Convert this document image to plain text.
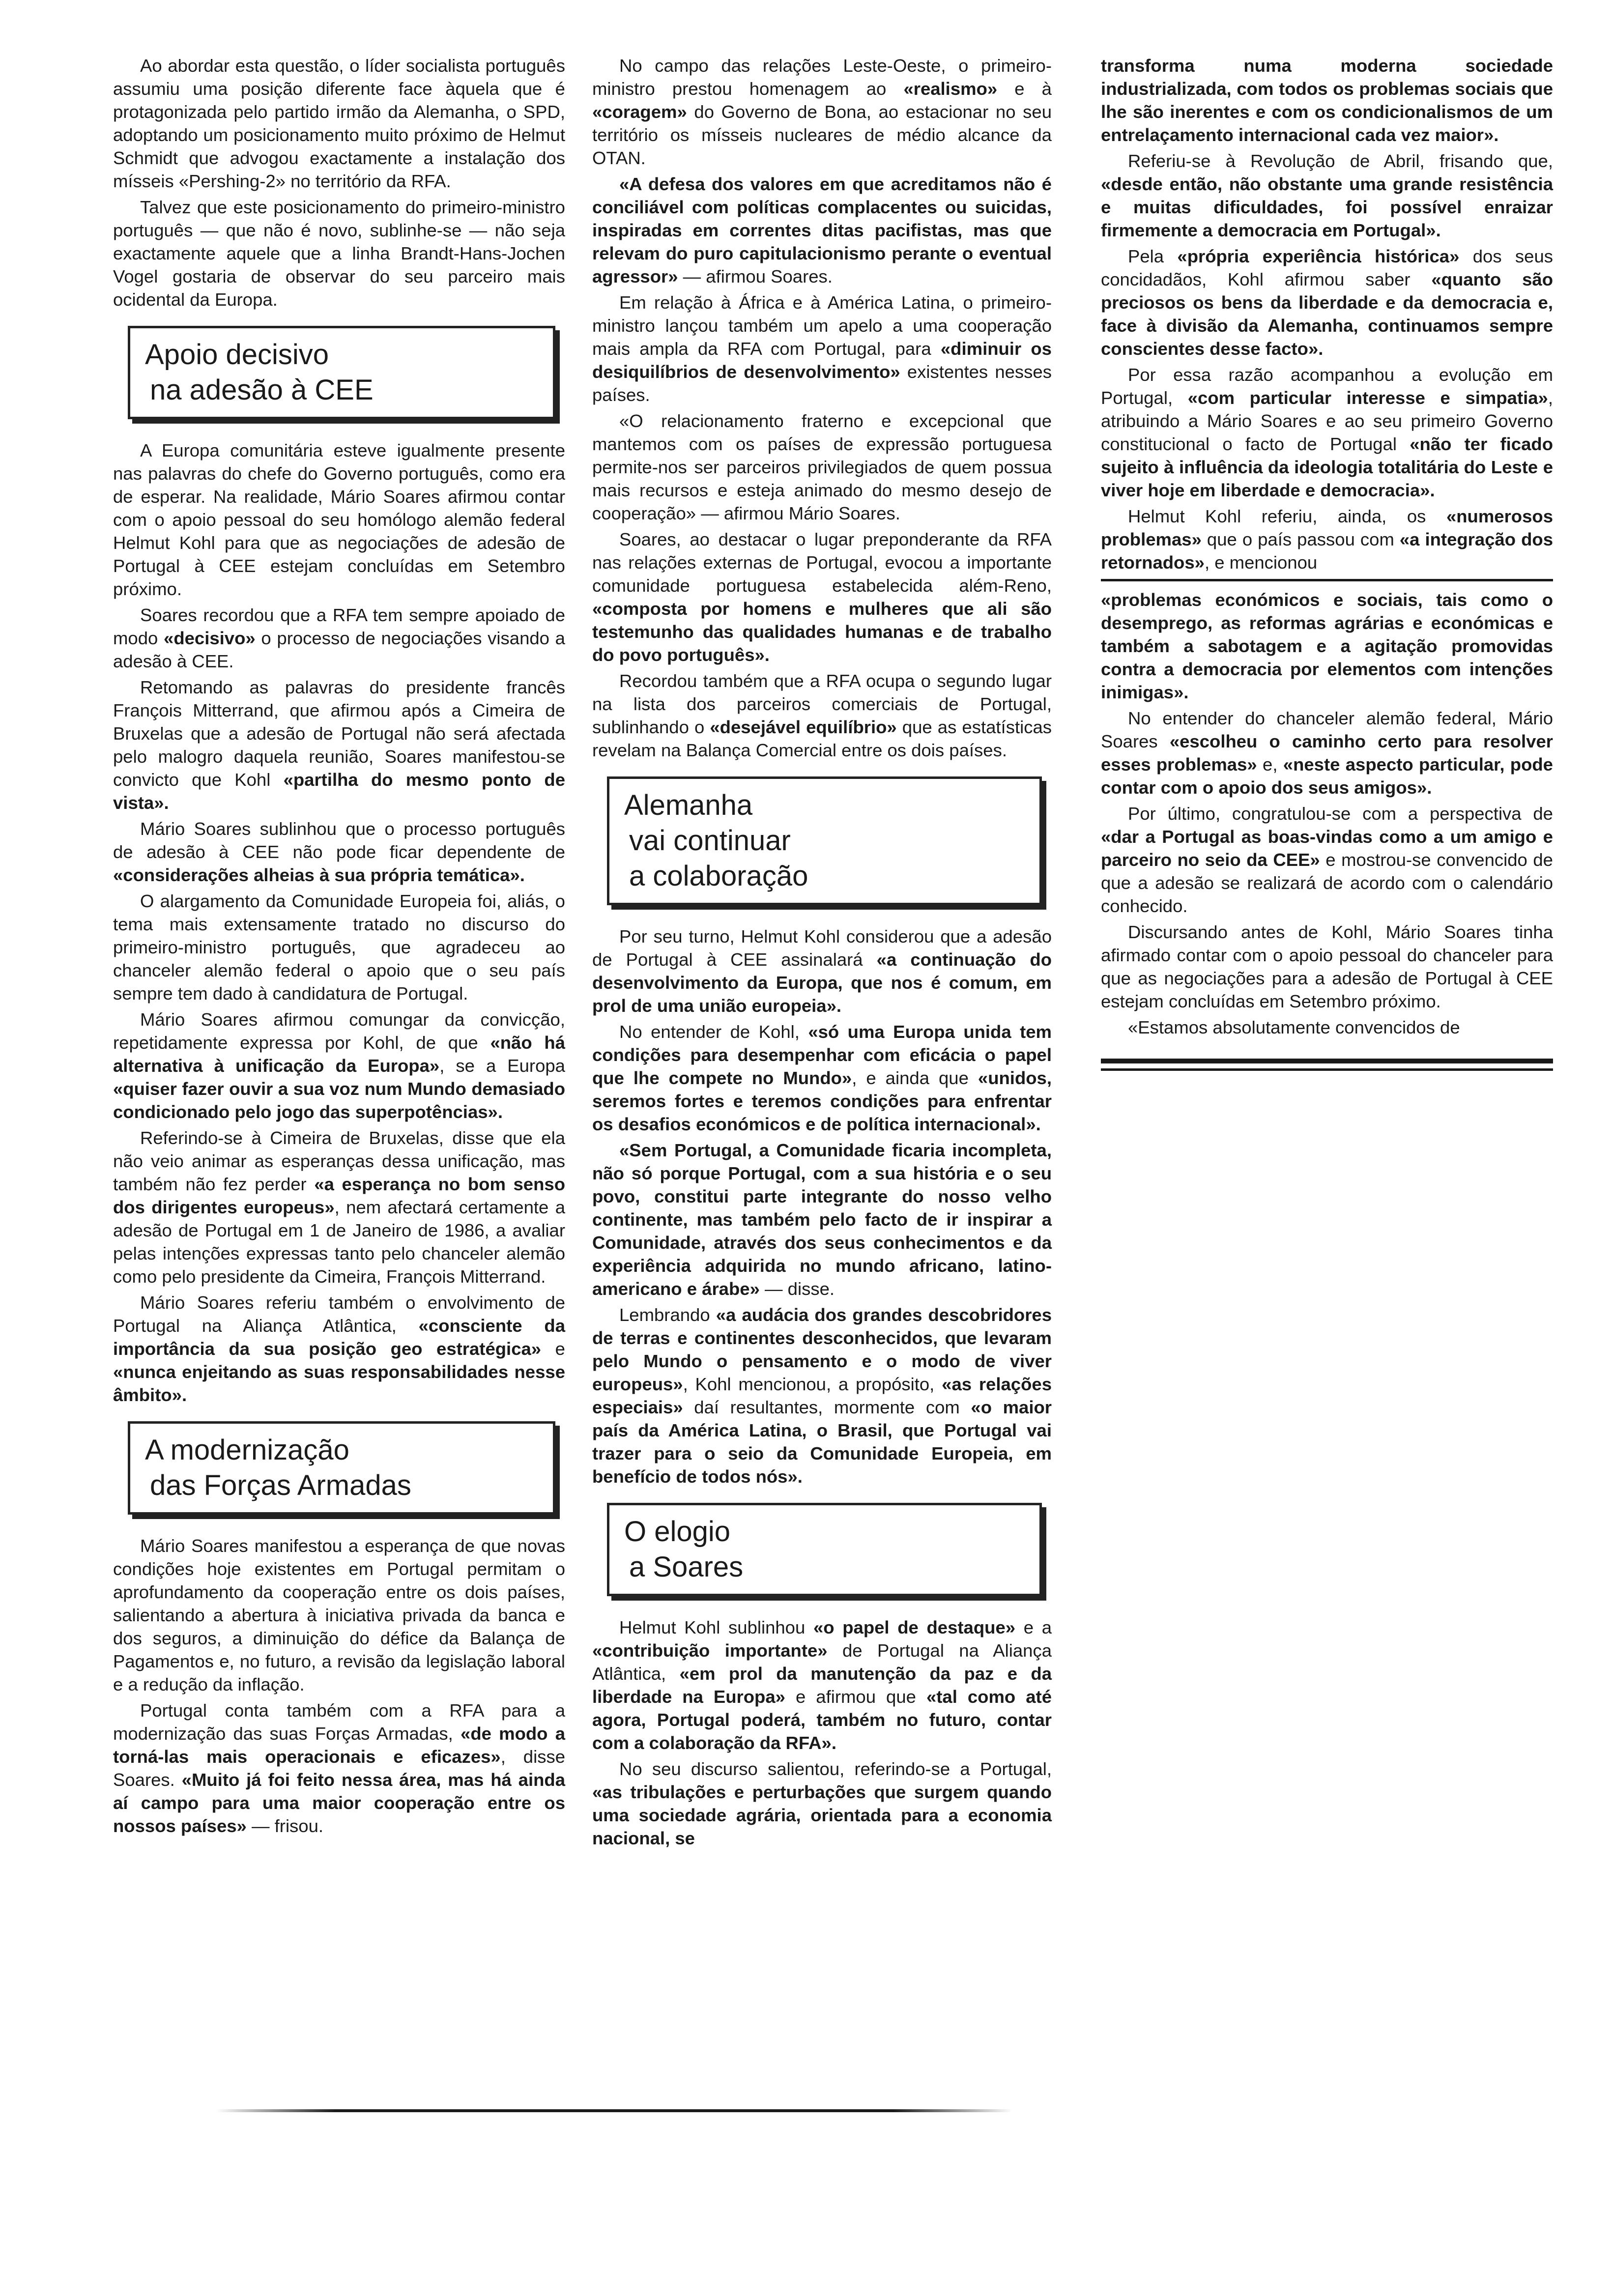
Ao abordar esta questão, o líder socialista português assumiu uma posição diferente face àquela que é protagonizada pelo partido irmão da Alemanha, o SPD, adoptando um posicionamento muito próximo de Helmut Schmidt que advogou exactamente a instalação dos mísseis «Pershing-2» no território da RFA.

Talvez que este posicionamento do primeiro-ministro português — que não é novo, sublinhe-se — não seja exactamente aquele que a linha Brandt-Hans-Jochen Vogel gostaria de observar do seu parceiro mais ocidental da Europa.

Apoio decisivo
na adesão à CEE

A Europa comunitária esteve igualmente presente nas palavras do chefe do Governo português, como era de esperar. Na realidade, Mário Soares afirmou contar com o apoio pessoal do seu homólogo alemão federal Helmut Kohl para que as negociações de adesão de Portugal à CEE estejam concluídas em Setembro próximo.

Soares recordou que a RFA tem sempre apoiado de modo «decisivo» o processo de negociações visando a adesão à CEE.

Retomando as palavras do presidente francês François Mitterrand, que afirmou após a Cimeira de Bruxelas que a adesão de Portugal não será afectada pelo malogro daquela reunião, Soares manifestou-se convicto que Kohl «partilha do mesmo ponto de vista».

Mário Soares sublinhou que o processo português de adesão à CEE não pode ficar dependente de «considerações alheias à sua própria temática».

O alargamento da Comunidade Europeia foi, aliás, o tema mais extensamente tratado no discurso do primeiro-ministro português, que agradeceu ao chanceler alemão federal o apoio que o seu país sempre tem dado à candidatura de Portugal.

Mário Soares afirmou comungar da convicção, repetidamente expressa por Kohl, de que «não há alternativa à unificação da Europa», se a Europa «quiser fazer ouvir a sua voz num Mundo demasiado condicionado pelo jogo das superpotências».

Referindo-se à Cimeira de Bruxelas, disse que ela não veio animar as esperanças dessa unificação, mas também não fez perder «a esperança no bom senso dos dirigentes europeus», nem afectará certamente a adesão de Portugal em 1 de Janeiro de 1986, a avaliar pelas intenções expressas tanto pelo chanceler alemão como pelo presidente da Cimeira, François Mitterrand.

Mário Soares referiu também o envolvimento de Portugal na Aliança Atlântica, «consciente da importância da sua posição geo estratégica» e «nunca enjeitando as suas responsabilidades nesse âmbito».

A modernização
das Forças Armadas

Mário Soares manifestou a esperança de que novas condições hoje existentes em Portugal permitam o aprofundamento da cooperação entre os dois países, salientando a abertura à iniciativa privada da banca e dos seguros, a diminuição do défice da Balança de Pagamentos e, no futuro, a revisão da legislação laboral e a redução da inflação.

Portugal conta também com a RFA para a modernização das suas Forças Armadas, «de modo a torná-las mais operacionais e eficazes», disse Soares. «Muito já foi feito nessa área, mas há ainda aí campo para uma maior cooperação entre os nossos países» — frisou.

No campo das relações Leste-Oeste, o primeiro-ministro prestou homenagem ao «realismo» e à «coragem» do Governo de Bona, ao estacionar no seu território os mísseis nucleares de médio alcance da OTAN.

«A defesa dos valores em que acreditamos não é conciliável com políticas complacentes ou suicidas, inspiradas em correntes ditas pacifistas, mas que relevam do puro capitulacionismo perante o eventual agressor» — afirmou Soares.

Em relação à África e à América Latina, o primeiro-ministro lançou também um apelo a uma cooperação mais ampla da RFA com Portugal, para «diminuir os desiquilíbrios de desenvolvimento» existentes nesses países.

«O relacionamento fraterno e excepcional que mantemos com os países de expressão portuguesa permite-nos ser parceiros privilegiados de quem possua mais recursos e esteja animado do mesmo desejo de cooperação» — afirmou Mário Soares.

Soares, ao destacar o lugar preponderante da RFA nas relações externas de Portugal, evocou a importante comunidade portuguesa estabelecida além-Reno, «composta por homens e mulheres que ali são testemunho das qualidades humanas e de trabalho do povo português».

Recordou também que a RFA ocupa o segundo lugar na lista dos parceiros comerciais de Portugal, sublinhando o «desejável equilíbrio» que as estatísticas revelam na Balança Comercial entre os dois países.

Alemanha
vai continuar
a colaboração

Por seu turno, Helmut Kohl considerou que a adesão de Portugal à CEE assinalará «a continuação do desenvolvimento da Europa, que nos é comum, em prol de uma união europeia».

No entender de Kohl, «só uma Europa unida tem condições para desempenhar com eficácia o papel que lhe compete no Mundo», e ainda que «unidos, seremos fortes e teremos condições para enfrentar os desafios económicos e de política internacional».

«Sem Portugal, a Comunidade ficaria incompleta, não só porque Portugal, com a sua história e o seu povo, constitui parte integrante do nosso velho continente, mas também pelo facto de ir inspirar a Comunidade, através dos seus conhecimentos e da experiência adquirida no mundo africano, latino-americano e árabe» — disse.

Lembrando «a audácia dos grandes descobridores de terras e continentes desconhecidos, que levaram pelo Mundo o pensamento e o modo de viver europeus», Kohl mencionou, a propósito, «as relações especiais» daí resultantes, mormente com «o maior país da América Latina, o Brasil, que Portugal vai trazer para o seio da Comunidade Europeia, em benefício de todos nós».

O elogio
a Soares

Helmut Kohl sublinhou «o papel de destaque» e a «contribuição importante» de Portugal na Aliança Atlântica, «em prol da manutenção da paz e da liberdade na Europa» e afirmou que «tal como até agora, Portugal poderá, também no futuro, contar com a colaboração da RFA».

No seu discurso salientou, referindo-se a Portugal, «as tribulações e perturbações que surgem quando uma sociedade agrária, orientada para a economia nacional, se

transforma numa moderna sociedade industrializada, com todos os problemas sociais que lhe são inerentes e com os condicionalismos de um entrelaçamento internacional cada vez maior».

Referiu-se à Revolução de Abril, frisando que, «desde então, não obstante uma grande resistência e muitas dificuldades, foi possível enraizar firmemente a democracia em Portugal».

Pela «própria experiência histórica» dos seus concidadãos, Kohl afirmou saber «quanto são preciosos os bens da liberdade e da democracia e, face à divisão da Alemanha, continuamos sempre conscientes desse facto».

Por essa razão acompanhou a evolução em Portugal, «com particular interesse e simpatia», atribuindo a Mário Soares e ao seu primeiro Governo constitucional o facto de Portugal «não ter ficado sujeito à influência da ideologia totalitária do Leste e viver hoje em liberdade e democracia».

Helmut Kohl referiu, ainda, os «numerosos problemas» que o país passou com «a integração dos retornados», e mencionou

«problemas económicos e sociais, tais como o desemprego, as reformas agrárias e económicas e também a sabotagem e a agitação promovidas contra a democracia por elementos com intenções inimigas».

No entender do chanceler alemão federal, Mário Soares «escolheu o caminho certo para resolver esses problemas» e, «neste aspecto particular, pode contar com o apoio dos seus amigos».

Por último, congratulou-se com a perspectiva de «dar a Portugal as boas-vindas como a um amigo e parceiro no seio da CEE» e mostrou-se convencido de que a adesão se realizará de acordo com o calendário conhecido.

Discursando antes de Kohl, Mário Soares tinha afirmado contar com o apoio pessoal do chanceler para que as negociações para a adesão de Portugal à CEE estejam concluídas em Setembro próximo.

«Estamos absolutamente convencidos de
